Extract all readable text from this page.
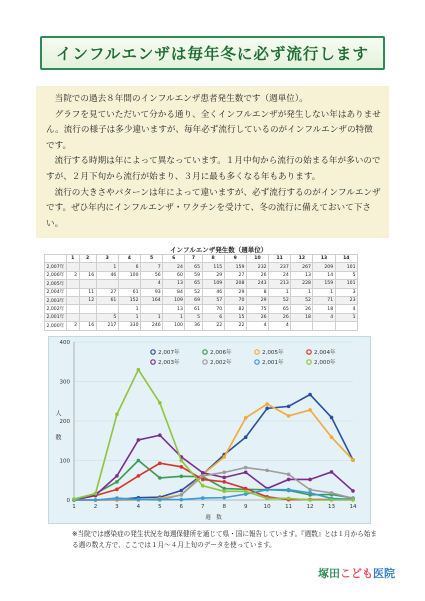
インフルエンザは毎年冬に必ず流行します

当院での過去８年間のインフルエンザ患者発生数です（週単位）。

グラフを見ていただいて分かる通り、全くインフルエンザが発生しない年はありません。流行の様子は多少違いますが、毎年必ず流行しているのがインフルエンザの特徴です。

流行する時期は年によって異なっています。１月中旬から流行の始まる年が多いのですが、２月下旬から流行が始まり、３月に最も多くなる年もあります。

流行の大きさやパターンは年によって違いますが、必ず流行するのがインフルエンザです。ぜひ年内にインフルエンザ・ワクチンを受けて、冬の流行に備えておいて下さい。

インフルエンザ発生数（週単位）
	1	2	3	4	5	6	7	8	9	10	11	12	13	14
2,007年			1	6	7	24	65	115	159	232	237	267	209	101
2,006年	2	16	46	100	56	60	59	29	27	26	24	13	14	5
2,005年					4	13	65	109	208	243	213	228	159	101
2,004年		11	27	61	93	84	52	46	29	8	1	1	1	3
2,003年		12	61	152	164	109	69	57	70	29	52	52	71	23
2,002年				1		13	61	70	82	75	65	26	18	4
2,001年			5	1	1	1	5	6	15	26	26	18	4	1
2,000年	2	16	217	330	246	100	36	22	22	4	4			
0
100
200
300
400
1	2	3	4	5	6	7	8	9	10	11	12	13	14
週　数
2,007年	2,006年	2,005年	2,004年
2,003年	2,002年	2,001年	2,000年
人　数
※当院では感染症の発生状況を毎週保健所を通じて県・国に報告しています。『週数』とは１月から始まる週の数え方で、ここでは１月～４月上旬のデータを使っています。
塚田こども医院
